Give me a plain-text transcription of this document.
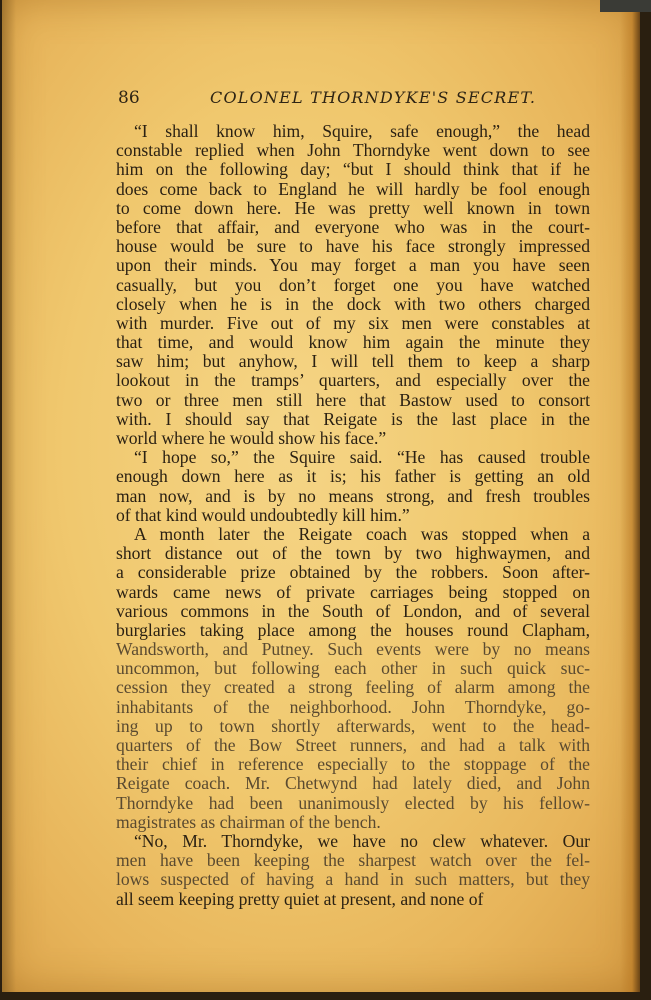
86	COLONEL THORNDYKE'S SECRET.
“I shall know him, Squire, safe enough,” the head
constable replied when John Thorndyke went down to see
him on the following day; “but I should think that if he
does come back to England he will hardly be fool enough
to come down here. He was pretty well known in town
before that affair, and everyone who was in the court-
house would be sure to have his face strongly impressed
upon their minds. You may forget a man you have seen
casually, but you don’t forget one you have watched
closely when he is in the dock with two others charged
with murder. Five out of my six men were constables at
that time, and would know him again the minute they
saw him; but anyhow, I will tell them to keep a sharp
lookout in the tramps’ quarters, and especially over the
two or three men still here that Bastow used to consort
with. I should say that Reigate is the last place in the
world where he would show his face.”
“I hope so,” the Squire said. “He has caused trouble
enough down here as it is; his father is getting an old
man now, and is by no means strong, and fresh troubles
of that kind would undoubtedly kill him.”
A month later the Reigate coach was stopped when a
short distance out of the town by two highwaymen, and
a considerable prize obtained by the robbers. Soon after-
wards came news of private carriages being stopped on
various commons in the South of London, and of several
burglaries taking place among the houses round Clapham,
Wandsworth, and Putney. Such events were by no means
uncommon, but following each other in such quick suc-
cession they created a strong feeling of alarm among the
inhabitants of the neighborhood. John Thorndyke, go-
ing up to town shortly afterwards, went to the head-
quarters of the Bow Street runners, and had a talk with
their chief in reference especially to the stoppage of the
Reigate coach. Mr. Chetwynd had lately died, and John
Thorndyke had been unanimously elected by his fellow-
magistrates as chairman of the bench.
“No, Mr. Thorndyke, we have no clew whatever. Our
men have been keeping the sharpest watch over the fel-
lows suspected of having a hand in such matters, but they
all seem keeping pretty quiet at present, and none of
